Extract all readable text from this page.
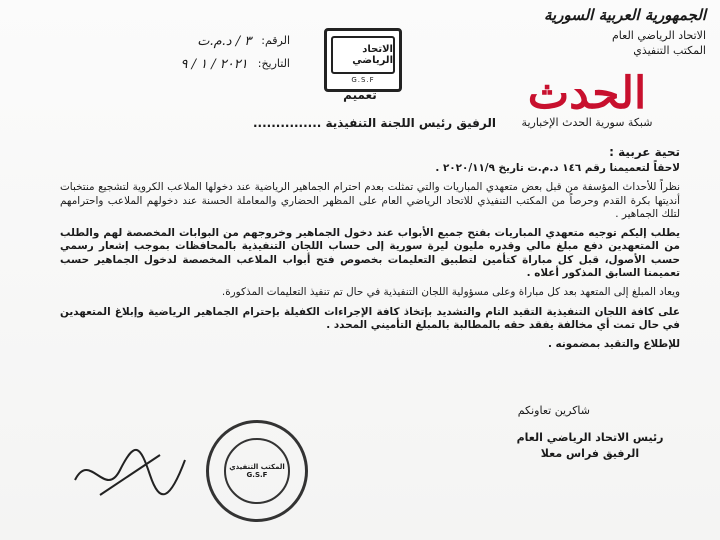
الجمهورية العربية السورية
الاتحاد الرياضي العام
المكتب التنفيذي
الاتحاد الرياضي
G.S.F
الرقم:
٣ / د.م.ت
التاريخ:
٢٠٢١ / ١ / ٩
الحدث
شبكة سورية الحدث الإخبارية
تعميم
الرفيق رئيس اللجنة التنفيذية ...............
تحية عربية :

لاحقاً لتعميمنا رقم ١٤٦ د.م.ت تاريخ ٢٠٢٠/١١/٩ .

نظراً للأحداث المؤسفة من قبل بعض متعهدي المباريات والتي تمثلت بعدم احترام الجماهير الرياضية عند دخولها الملاعب الكروية لتشجيع منتخبات أنديتها بكرة القدم وحرصاً من المكتب التنفيذي للاتحاد الرياضي العام على المظهر الحضاري والمعاملة الحسنة عند دخولهم الملاعب واحترامهم لتلك الجماهير .

يطلب إليكم توجيه متعهدي المباريات بفتح جميع الأبواب عند دخول الجماهير وخروجهم من البوابات المخصصة لهم والطلب من المتعهدين دفع مبلغ مالي وقدره مليون ليرة سورية إلى حساب اللجان التنفيذية بالمحافظات بموجب إشعار رسمي حسب الأصول، قبل كل مباراة كتأمين لتطبيق التعليمات بخصوص فتح أبواب الملاعب المخصصة لدخول الجماهير حسب تعميمنا السابق المذكور أعلاه .

ويعاد المبلغ إلى المتعهد بعد كل مباراة وعلى مسؤولية اللجان التنفيذية في حال تم تنفيذ التعليمات المذكورة.

على كافة اللجان التنفيذية التقيد التام والتشديد بإتخاذ كافة الإجراءات الكفيلة بإحترام الجماهير الرياضية وإبلاغ المتعهدين في حال تمت أي مخالفة يفقد حقه بالمطالبة بالمبلغ التأميني المحدد .

للإطلاع والتقيد بمضمونه .

شاكرين تعاونكم
رئيس الاتحاد الرياضي العام
الرفيق فراس معلا
المكتب التنفيذي
G.S.F
